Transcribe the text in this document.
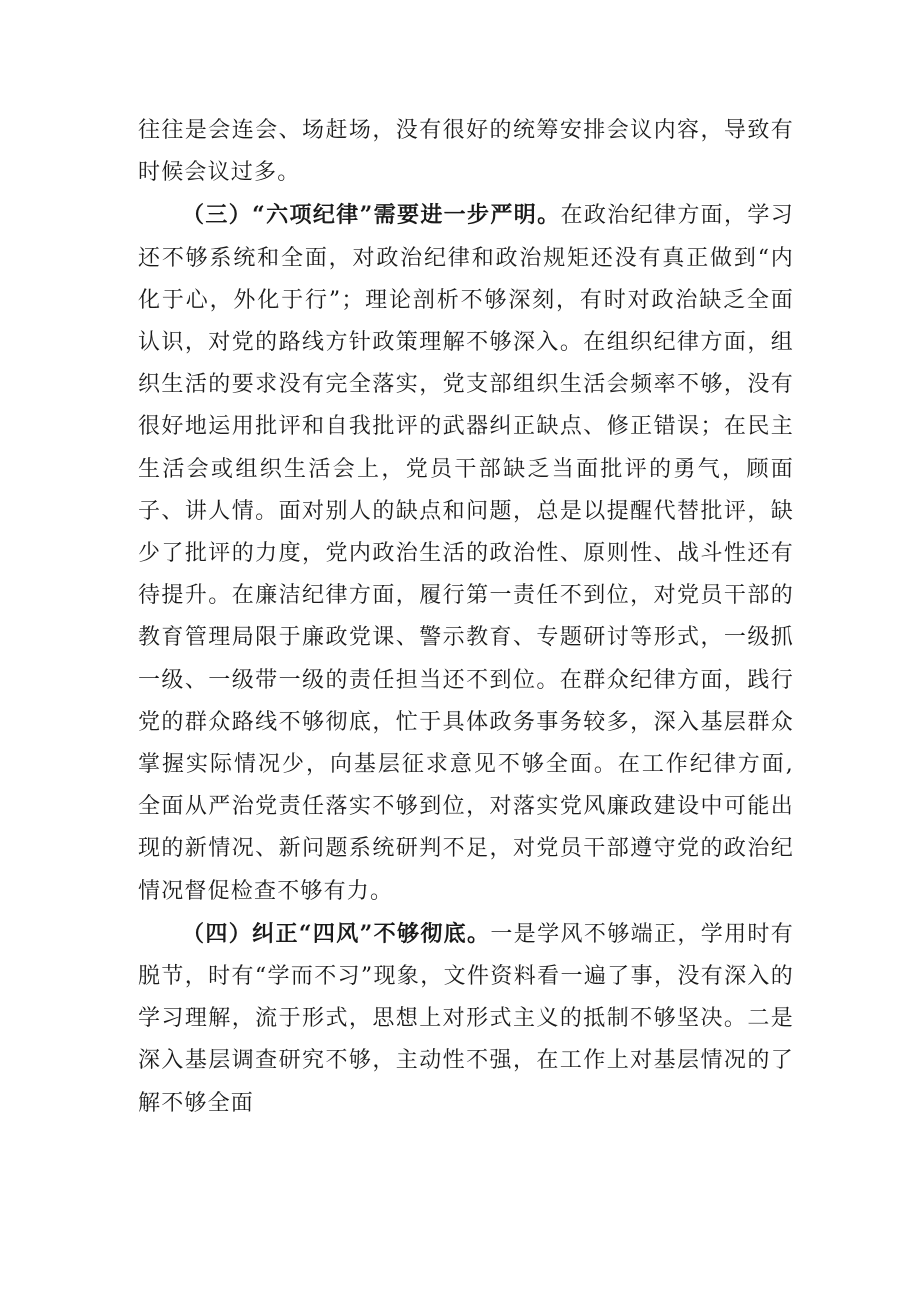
往往是会连会、场赶场，没有很好的统筹安排会议内容，导致有时候会议过多。

（三）“六项纪律”需要进一步严明。在政治纪律方面，学习还不够系统和全面，对政治纪律和政治规矩还没有真正做到“内化于心，外化于行”；理论剖析不够深刻，有时对政治缺乏全面认识，对党的路线方针政策理解不够深入。在组织纪律方面，组织生活的要求没有完全落实，党支部组织生活会频率不够，没有很好地运用批评和自我批评的武器纠正缺点、修正错误；在民主生活会或组织生活会上，党员干部缺乏当面批评的勇气，顾面子、讲人情。面对别人的缺点和问题，总是以提醒代替批评，缺少了批评的力度，党内政治生活的政治性、原则性、战斗性还有待提升。在廉洁纪律方面，履行第一责任不到位，对党员干部的教育管理局限于廉政党课、警示教育、专题研讨等形式，一级抓一级、一级带一级的责任担当还不到位。在群众纪律方面，践行党的群众路线不够彻底，忙于具体政务事务较多，深入基层群众掌握实际情况少，向基层征求意见不够全面。在工作纪律方面,全面从严治党责任落实不够到位，对落实党风廉政建设中可能出现的新情况、新问题系统研判不足，对党员干部遵守党的政治纪情况督促检查不够有力。

（四）纠正“四风”不够彻底。一是学风不够端正，学用时有脱节，时有“学而不习”现象，文件资料看一遍了事，没有深入的学习理解，流于形式，思想上对形式主义的抵制不够坚决。二是深入基层调查研究不够，主动性不强，在工作上对基层情况的了解不够全面
